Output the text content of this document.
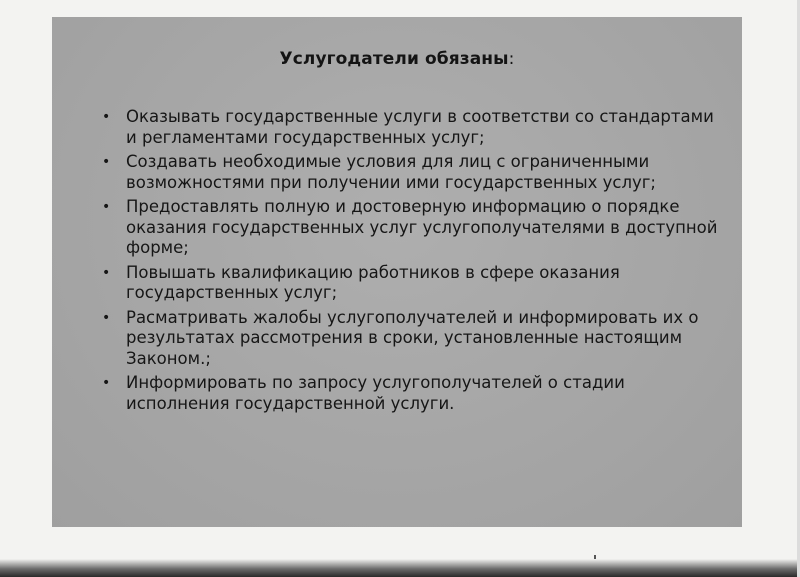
Услугодатели обязаны:
• Оказывать государственные услуги в соответстви со стандартами и регламентами государственных услуг;
• Создавать необходимые условия для лиц с ограниченными возможностями при получении ими государственных услуг;
• Предоставлять полную и достоверную информацию о порядке оказания государственных услуг услугополучателями в доступной форме;
• Повышать квалификацию работников в сфере оказания государственных услуг;
• Расматривать жалобы услугополучателей и информировать их о результатах рассмотрения в сроки, установленные настоящим Законом.;
• Информировать по запросу услугополучателей о стадии исполнения государственной услуги.
